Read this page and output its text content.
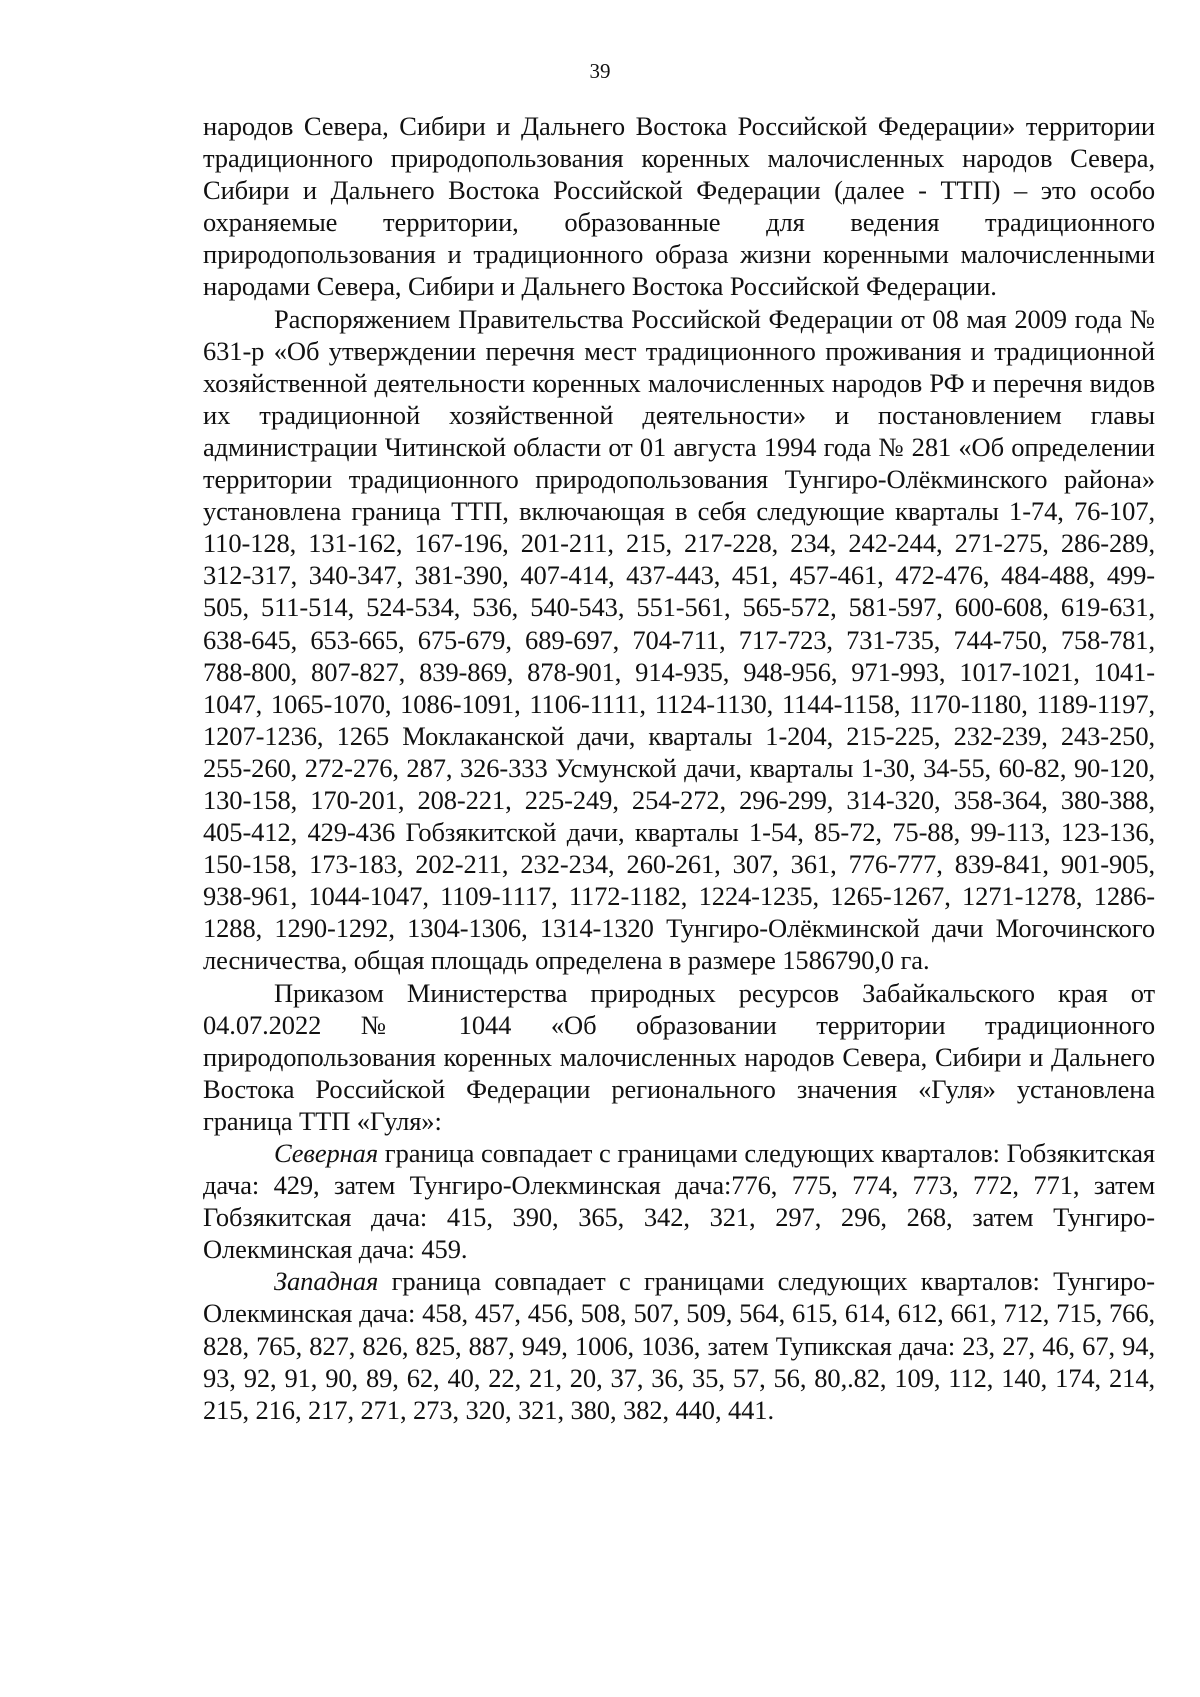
39

народов Севера, Сибири и Дальнего Востока Российской Федерации» территории традиционного природопользования коренных малочисленных народов Севера, Сибири и Дальнего Востока Российской Федерации (далее - ТТП) – это особо охраняемые территории, образованные для ведения традиционного природопользования и традиционного образа жизни коренными малочисленными народами Севера, Сибири и Дальнего Востока Российской Федерации.

Распоряжением Правительства Российской Федерации от 08 мая 2009 года № 631-р «Об утверждении перечня мест традиционного проживания и традиционной хозяйственной деятельности коренных малочисленных народов РФ и перечня видов их традиционной хозяйственной деятельности» и постановлением главы администрации Читинской области от 01 августа 1994 года № 281 «Об определении территории традиционного природопользования Тунгиро-Олёкминского района» установлена граница ТТП, включающая в себя следующие кварталы 1-74, 76-107, 110-128, 131-162, 167-196, 201-211, 215, 217-228, 234, 242-244, 271-275, 286-289, 312-317, 340-347, 381-390, 407-414, 437-443, 451, 457-461, 472-476, 484-488, 499-505, 511-514, 524-534, 536, 540-543, 551-561, 565-572, 581-597, 600-608, 619-631, 638-645, 653-665, 675-679, 689-697, 704-711, 717-723, 731-735, 744-750, 758-781, 788-800, 807-827, 839-869, 878-901, 914-935, 948-956, 971-993, 1017-1021, 1041-1047, 1065-1070, 1086-1091, 1106-1111, 1124-1130, 1144-1158, 1170-1180, 1189-1197, 1207-1236, 1265 Моклаканской дачи, кварталы 1-204, 215-225, 232-239, 243-250, 255-260, 272-276, 287, 326-333 Усмунской дачи, кварталы 1-30, 34-55, 60-82, 90-120, 130-158, 170-201, 208-221, 225-249, 254-272, 296-299, 314-320, 358-364, 380-388, 405-412, 429-436 Гобзякитской дачи, кварталы 1-54, 85-72, 75-88, 99-113, 123-136, 150-158, 173-183, 202-211, 232-234, 260-261, 307, 361, 776-777, 839-841, 901-905, 938-961, 1044-1047, 1109-1117, 1172-1182, 1224-1235, 1265-1267, 1271-1278, 1286-1288, 1290-1292, 1304-1306, 1314-1320 Тунгиро-Олёкминской дачи Могочинского лесничества, общая площадь определена в размере 1586790,0 га.

Приказом Министерства природных ресурсов Забайкальского края от 04.07.2022 № 1044 «Об образовании территории традиционного природопользования коренных малочисленных народов Севера, Сибири и Дальнего Востока Российской Федерации регионального значения «Гуля» установлена граница ТТП «Гуля»:

Северная граница совпадает с границами следующих кварталов: Гобзякитская дача: 429, затем Тунгиро-Олекминская дача:776, 775, 774, 773, 772, 771, затем Гобзякитская дача: 415, 390, 365, 342, 321, 297, 296, 268, затем Тунгиро-Олекминская дача: 459.

Западная граница совпадает с границами следующих кварталов: Тунгиро-Олекминская дача: 458, 457, 456, 508, 507, 509, 564, 615, 614, 612, 661, 712, 715, 766, 828, 765, 827, 826, 825, 887, 949, 1006, 1036, затем Тупикская дача: 23, 27, 46, 67, 94, 93, 92, 91, 90, 89, 62, 40, 22, 21, 20, 37, 36, 35, 57, 56, 80,.82, 109, 112, 140, 174, 214, 215, 216, 217, 271, 273, 320, 321, 380, 382, 440, 441.
